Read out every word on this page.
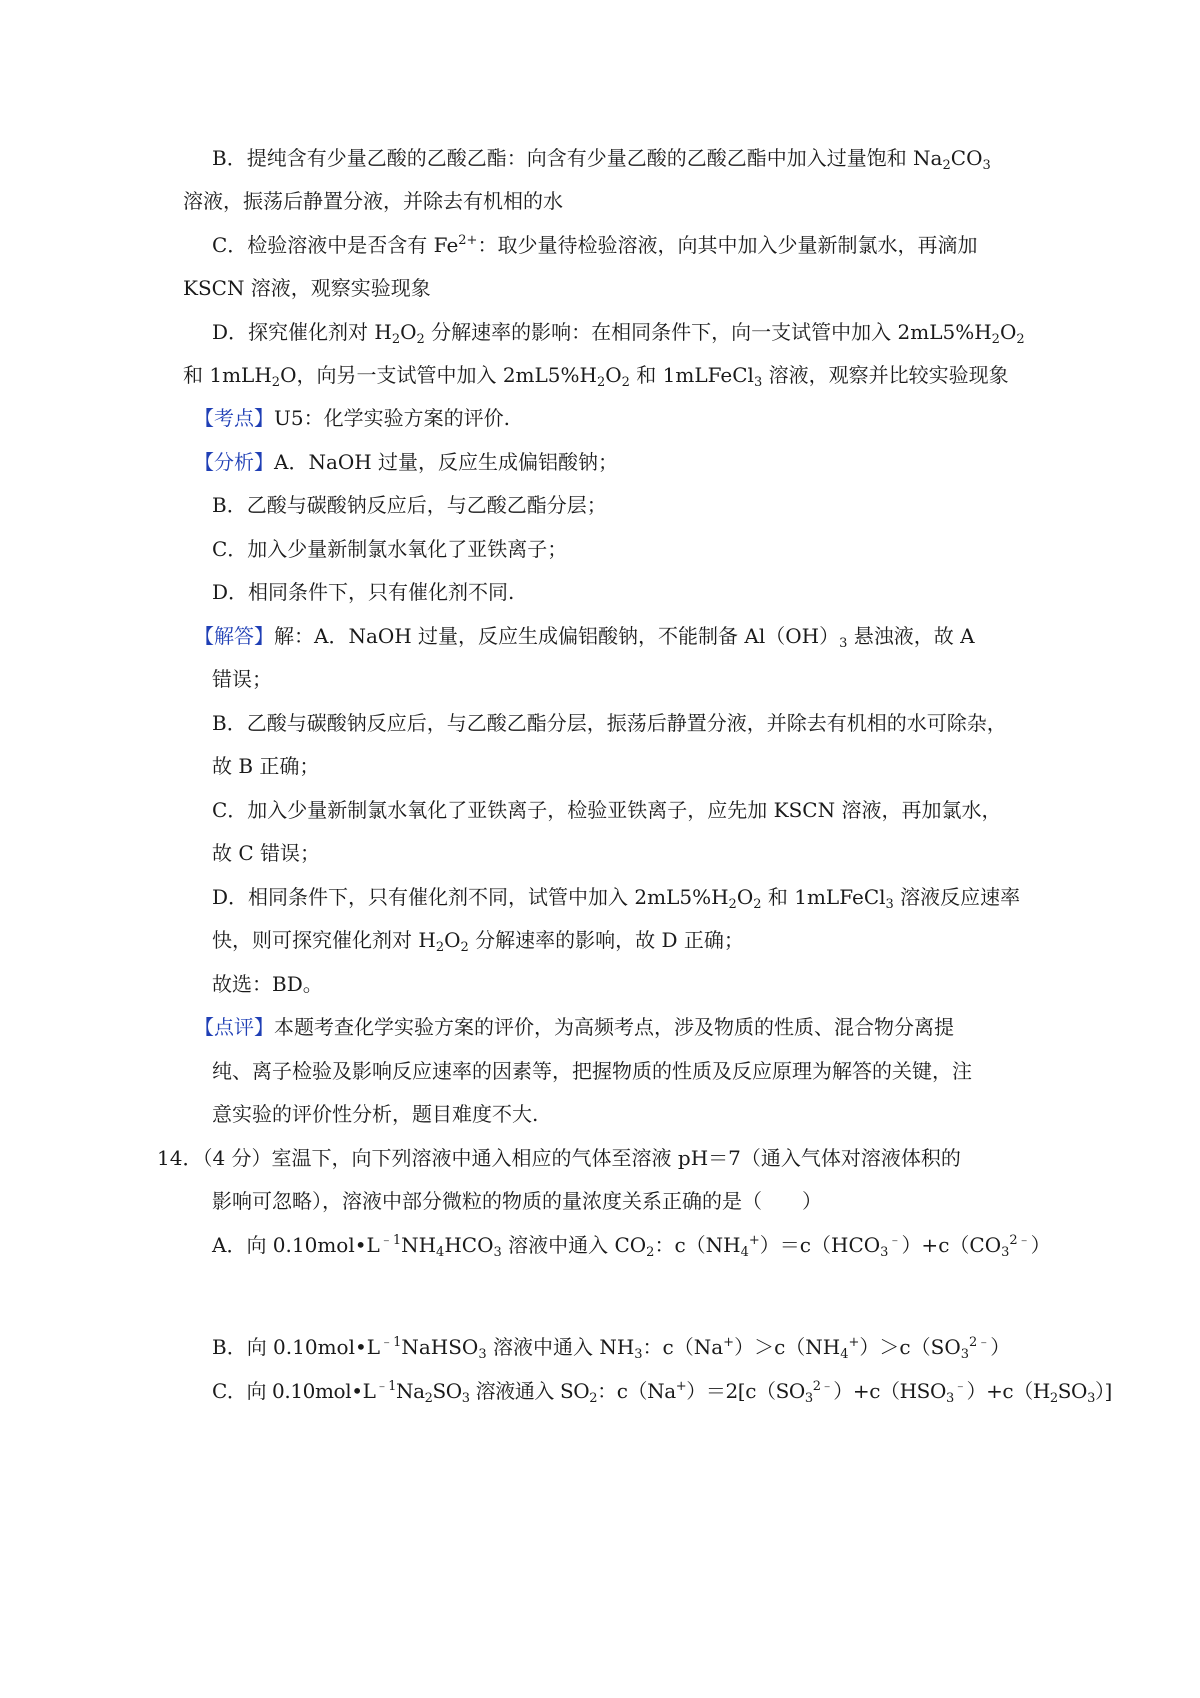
B．提纯含有少量乙酸的乙酸乙酯：向含有少量乙酸的乙酸乙酯中加入过量饱和 $Na_2CO_3$
溶液，振荡后静置分液，并除去有机相的水
C．检验溶液中是否含有 $Fe^{2+}$：取少量待检验溶液，向其中加入少量新制氯水，再滴加
KSCN 溶液，观察实验现象
D．探究催化剂对 $H_2O_2$ 分解速率的影响：在相同条件下，向一支试管中加入 $2mL5\%H_2O_2$
和 1mLH$_2$O，向另一支试管中加入 $2mL5\%H_2O_2$ 和 1mLFeCl$_3$ 溶液，观察并比较实验现象
【考点】U5：化学实验方案的评价.
【分析】A．NaOH 过量，反应生成偏铝酸钠；
B．乙酸与碳酸钠反应后，与乙酸乙酯分层；
C．加入少量新制氯水氧化了亚铁离子；
D．相同条件下，只有催化剂不同.
【解答】解：A．NaOH 过量，反应生成偏铝酸钠，不能制备 $Al(OH)_3$ 悬浊液，故 A
错误；
B．乙酸与碳酸钠反应后，与乙酸乙酯分层，振荡后静置分液，并除去有机相的水可除杂，
故 B 正确；
C．加入少量新制氯水氧化了亚铁离子，检验亚铁离子，应先加 KSCN 溶液，再加氯水，
故 C 错误；
D．相同条件下，只有催化剂不同，试管中加入 $2mL5\%H_2O_2$ 和 1mLFeCl$_3$ 溶液反应速率
快，则可探究催化剂对 $H_2O_2$ 分解速率的影响，故 D 正确；
故选：BD。
【点评】本题考查化学实验方案的评价，为高频考点，涉及物质的性质、混合物分离提
纯、离子检验及影响反应速率的因素等，把握物质的性质及反应原理为解答的关键，注
意实验的评价性分析，题目难度不大.
14．（4 分）室温下，向下列溶液中通入相应的气体至溶液 pH＝7（通入气体对溶液体积的
影响可忽略），溶液中部分微粒的物质的量浓度关系正确的是（　　）
A．向 $0.10mol•L^{﹣1}NH_4HCO_3$ 溶液中通入 $CO_2$：$c(NH_4^+)=c(HCO_3^﹣)+c(CO_3^{2﹣})$
B．向 $0.10mol•L^{﹣1}NaHSO_3$ 溶液中通入 $NH_3$：$c(Na^+)>c(NH_4^+)>c(SO_3^{2﹣})$
C．向 $0.10mol•L^{﹣1}Na_2SO_3$ 溶液通入 $SO_2$：$c(Na^+)=2[c(SO_3^{2﹣})+c(HSO_3^﹣)+c(H_2SO_3)]$
